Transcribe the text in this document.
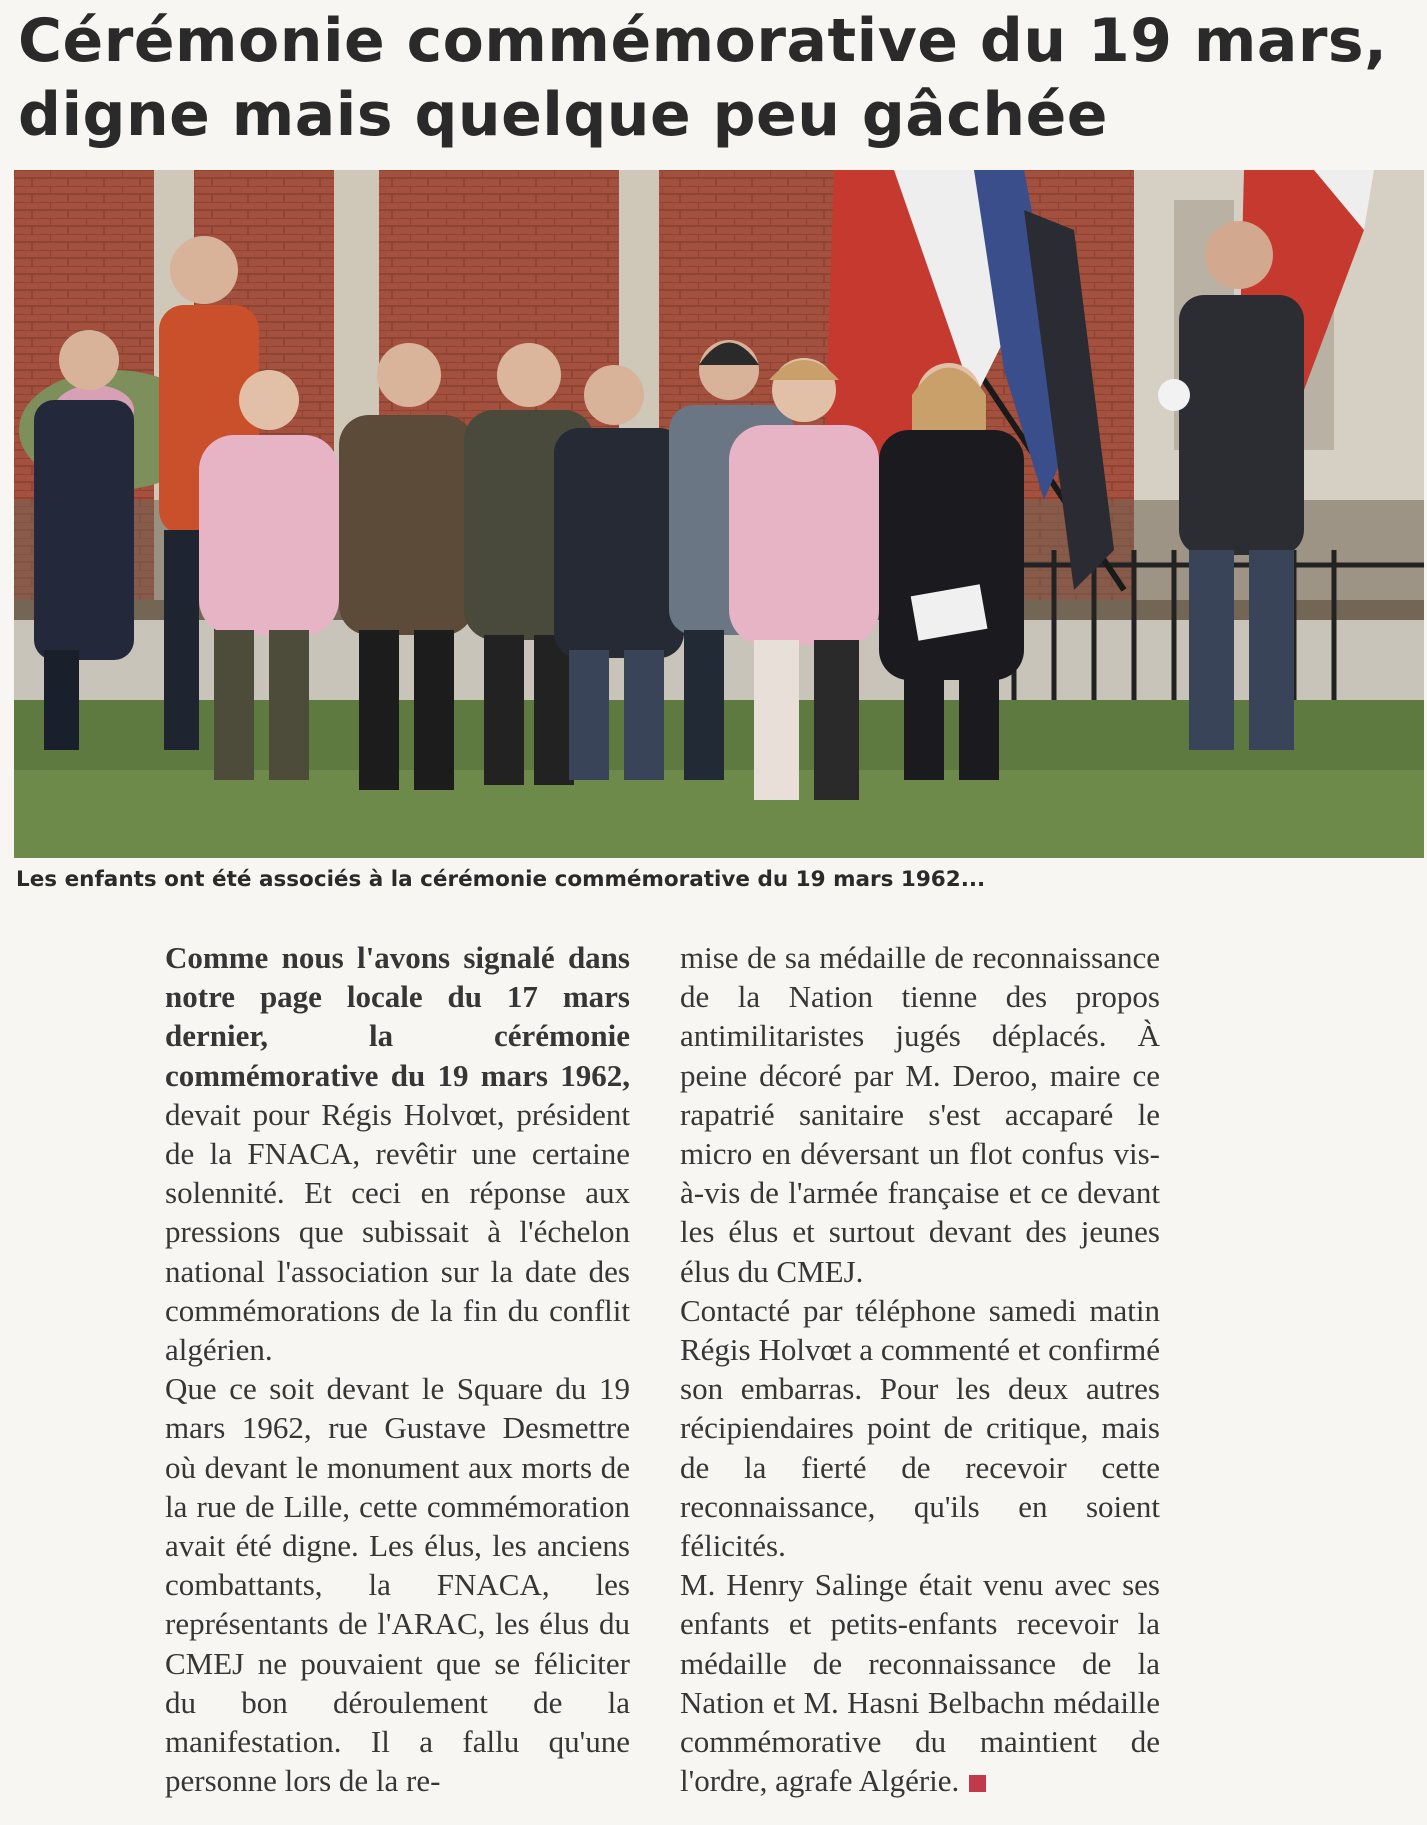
Cérémonie commémorative du 19 mars,
digne mais quelque peu gâchée
Les enfants ont été associés à la cérémonie commémorative du 19 mars 1962...

Comme nous l'avons signalé dans notre page locale du 17 mars dernier, la cérémonie commémorative du 19 mars 1962, devait pour Régis Holvœt, président de la FNACA, revêtir une certaine solennité. Et ceci en réponse aux pressions que subissait à l'échelon national l'association sur la date des commémorations de la fin du conflit algérien.

Que ce soit devant le Square du 19 mars 1962, rue Gustave Desmettre où devant le monument aux morts de la rue de Lille, cette commémoration avait été digne. Les élus, les anciens combattants, la FNACA, les représentants de l'ARAC, les élus du CMEJ ne pouvaient que se féliciter du bon déroulement de la manifestation. Il a fallu qu'une personne lors de la re-

mise de sa médaille de reconnaissance de la Nation tienne des propos antimilitaristes jugés déplacés. À peine décoré par M. Deroo, maire ce rapatrié sanitaire s'est accaparé le micro en déversant un flot confus vis-à-vis de l'armée française et ce devant les élus et surtout devant des jeunes élus du CMEJ.

Contacté par téléphone samedi matin Régis Holvœt a commenté et confirmé son embarras. Pour les deux autres récipiendaires point de critique, mais de la fierté de recevoir cette reconnaissance, qu'ils en soient félicités.

M. Henry Salinge était venu avec ses enfants et petits-enfants recevoir la médaille de reconnaissance de la Nation et M. Hasni Belbachn médaille commémorative du maintient de l'ordre, agrafe Algérie.
